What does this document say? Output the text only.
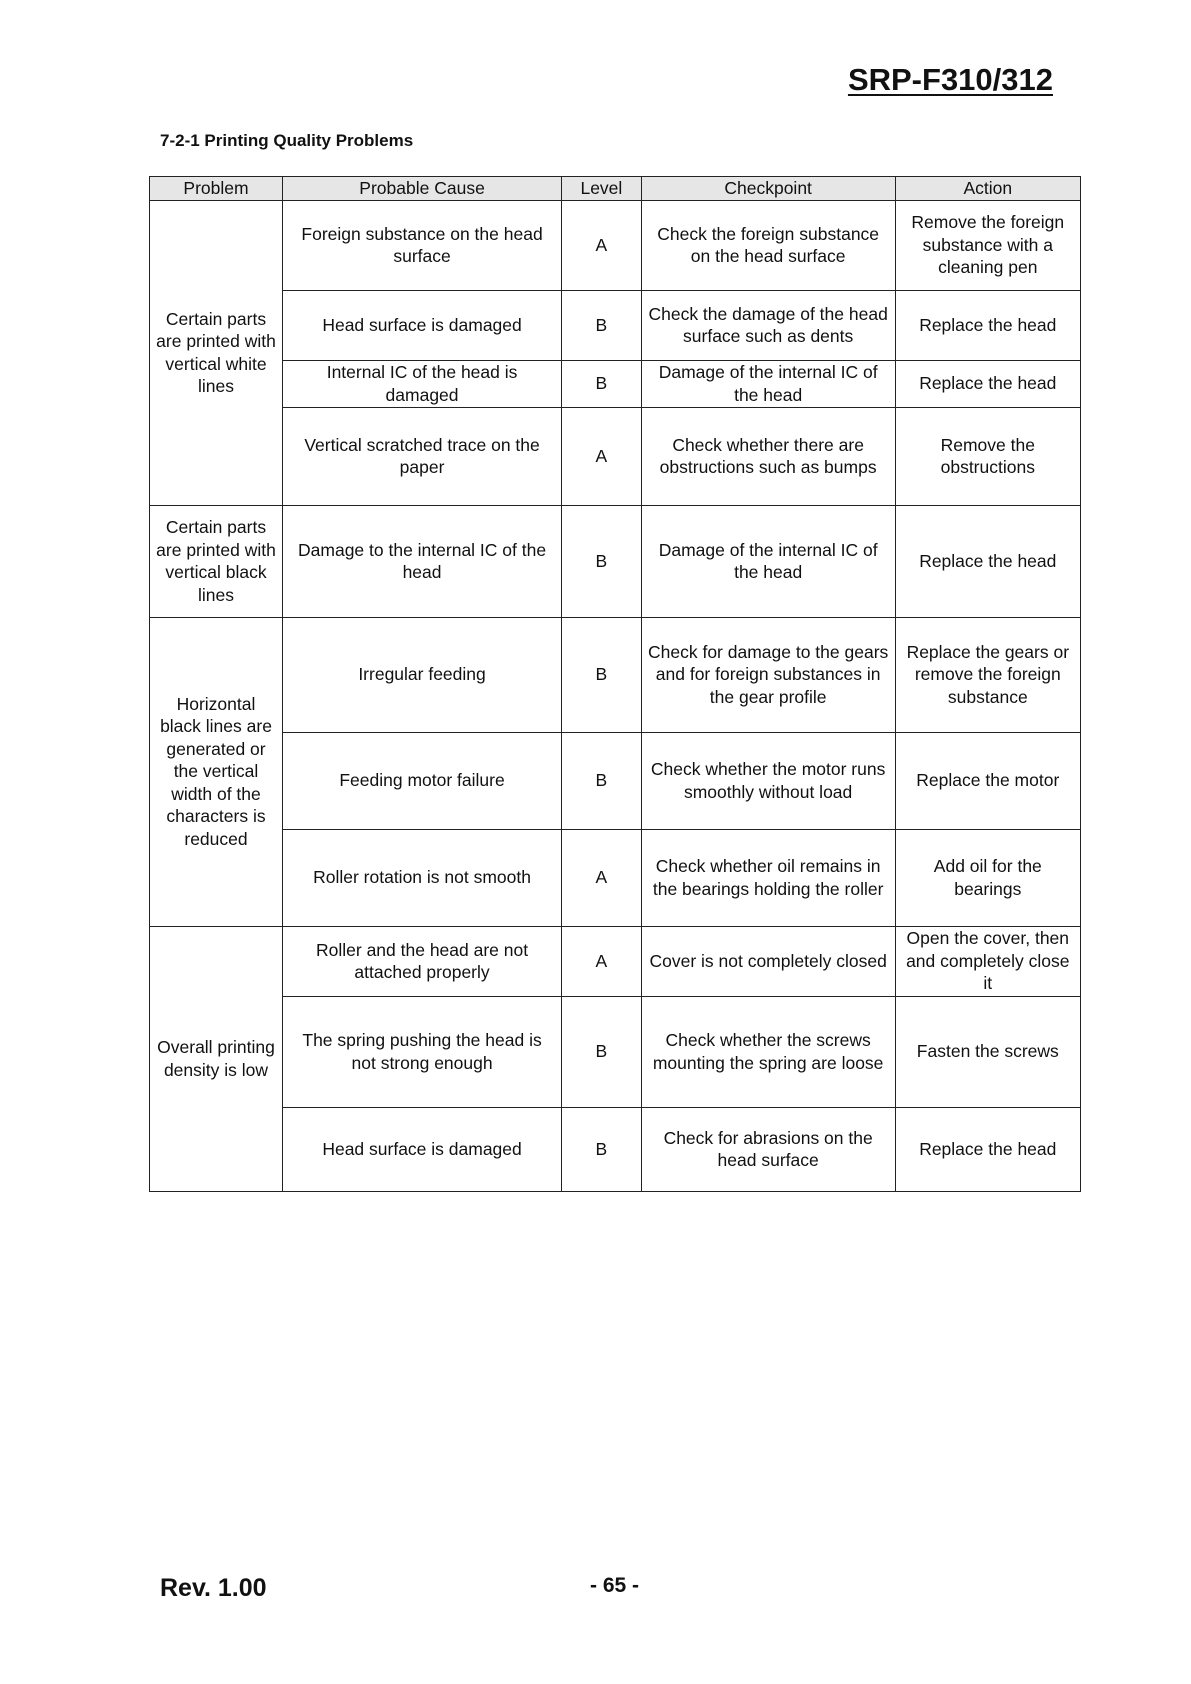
SRP-F310/312
7-2-1 Printing Quality Problems
Problem	Probable Cause	Level	Checkpoint	Action
Certain parts are printed with vertical white lines	Foreign substance on the head surface	A	Check the foreign substance on the head surface	Remove the foreign substance with a cleaning pen
	Head surface is damaged	B	Check the damage of the head surface such as dents	Replace the head
	Internal IC of the head is damaged	B	Damage of the internal IC of the head	Replace the head
	Vertical scratched trace on the paper	A	Check whether there are obstructions such as bumps	Remove the obstructions
Certain parts are printed with vertical black lines	Damage to the internal IC of the head	B	Damage of the internal IC of the head	Replace the head
Horizontal black lines are generated or the vertical width of the characters is reduced	Irregular feeding	B	Check for damage to the gears and for foreign substances in the gear profile	Replace the gears or remove the foreign substance
	Feeding motor failure	B	Check whether the motor runs smoothly without load	Replace the motor
	Roller rotation is not smooth	A	Check whether oil remains in the bearings holding the roller	Add oil for the bearings
Overall printing density is low	Roller and the head are not attached properly	A	Cover is not completely closed	Open the cover, then and completely close it
	The spring pushing the head is not strong enough	B	Check whether the screws mounting the spring are loose	Fasten the screws
	Head surface is damaged	B	Check for abrasions on the head surface	Replace the head
Rev. 1.00	- 65 -
